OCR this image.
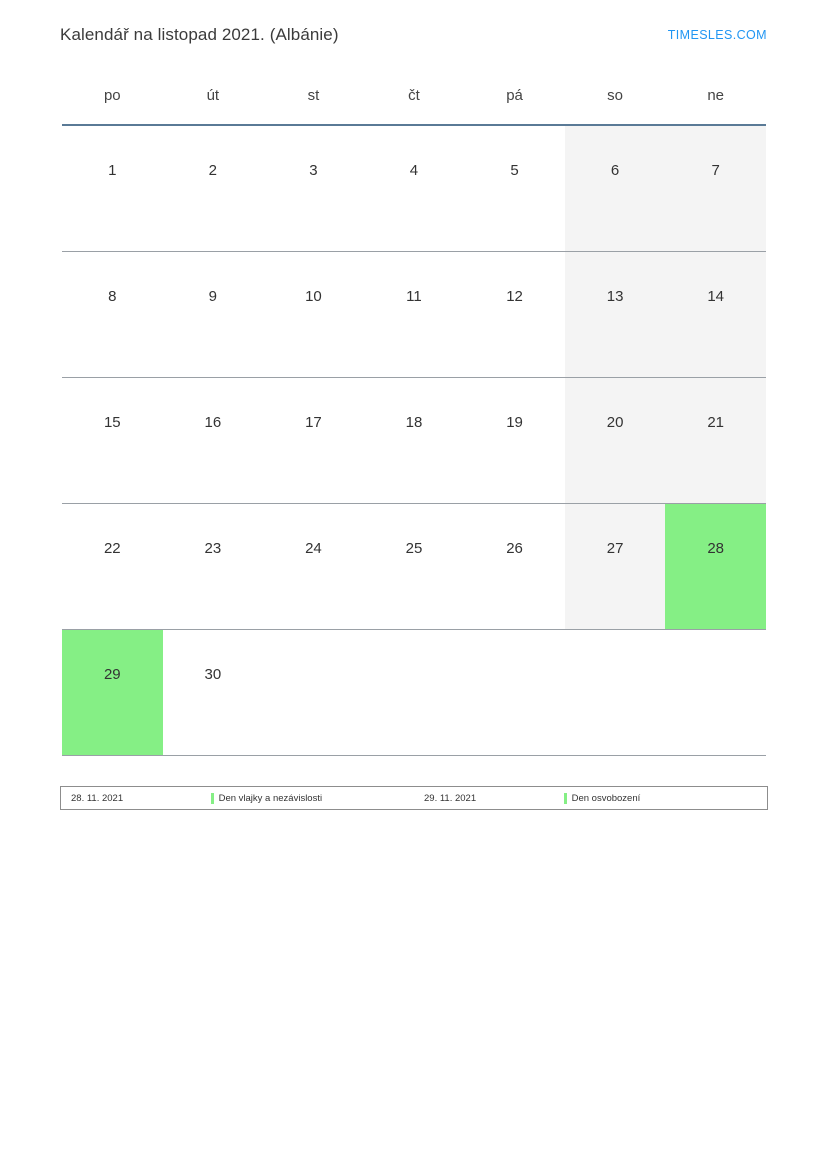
Kalendář na listopad 2021. (Albánie)	TIMESLES.COM
po	út	st	čt	pá	so	ne

1	2	3	4	5	6	7

8	9	10	11	12	13	14

15	16	17	18	19	20	21

22	23	24	25	26	27	28

29	30					

28. 11. 2021	Den vlajky a nezávislosti	29. 11. 2021	Den osvobození
